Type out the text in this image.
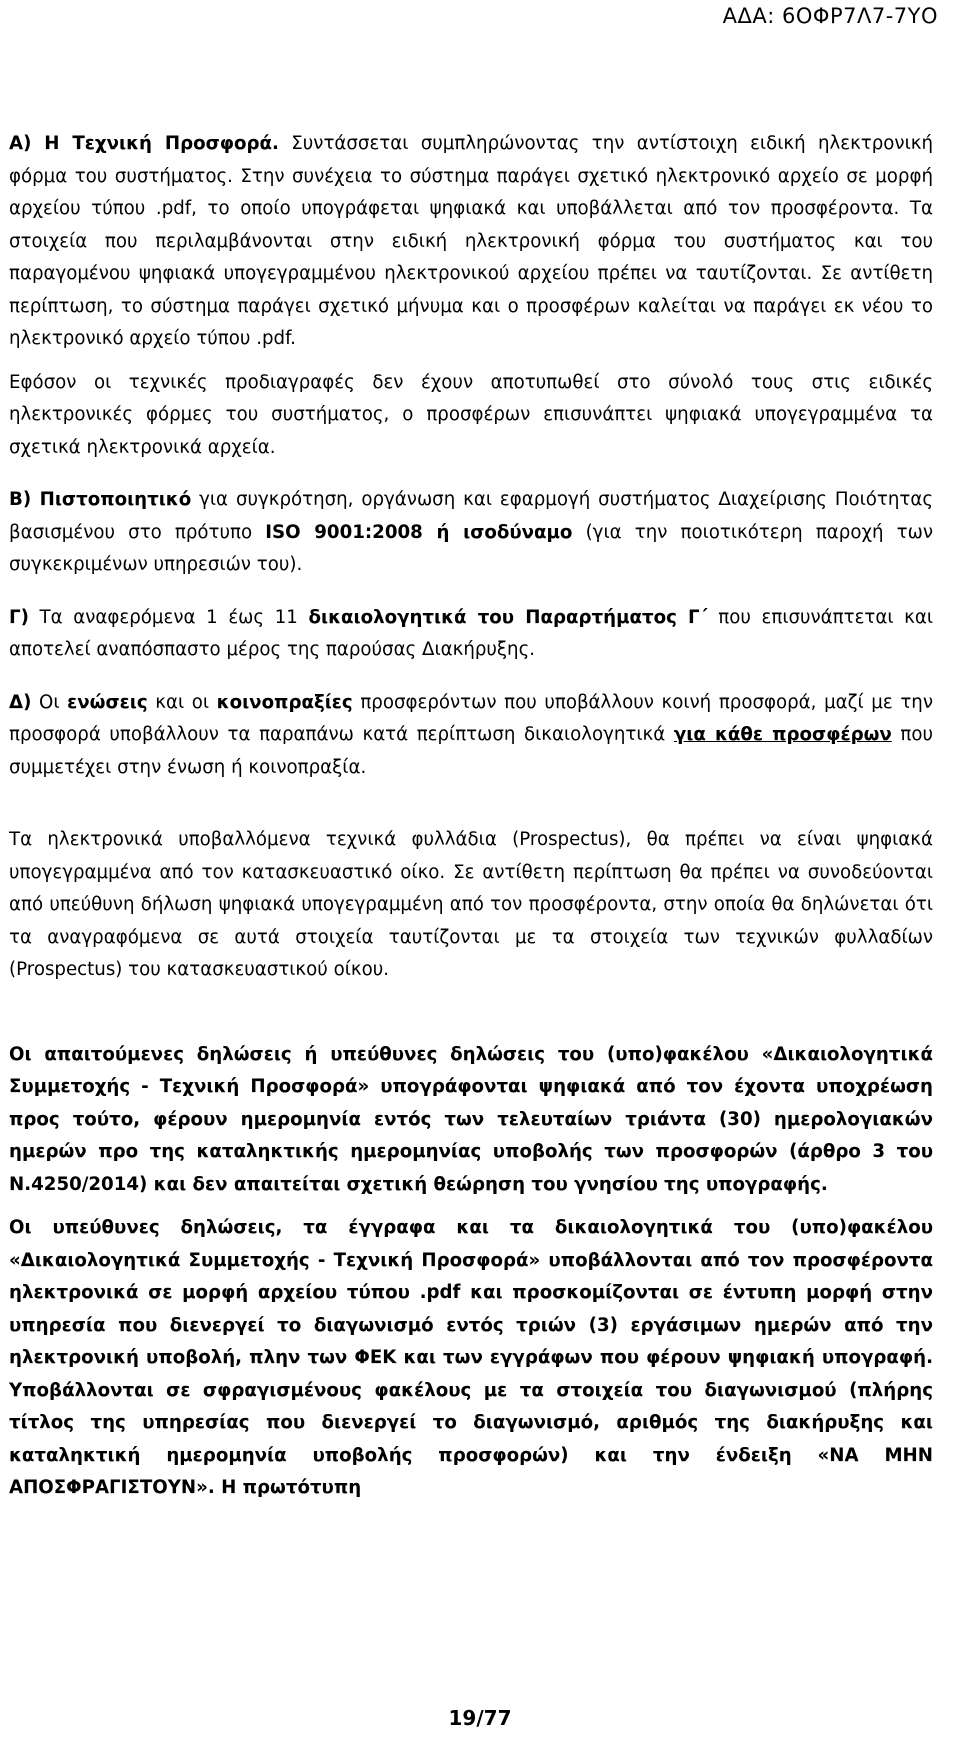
ΑΔΑ: 6ΟΦΡ7Λ7-7ΥΟ

Α) Η Τεχνική Προσφορά. Συντάσσεται συμπληρώνοντας την αντίστοιχη ειδική ηλεκτρονική φόρμα του συστήματος. Στην συνέχεια το σύστημα παράγει σχετικό ηλεκτρονικό αρχείο σε μορφή αρχείου τύπου .pdf, το οποίο υπογράφεται ψηφιακά και υποβάλλεται από τον προσφέροντα. Τα στοιχεία που περιλαμβάνονται στην ειδική ηλεκτρονική φόρμα του συστήματος και του παραγομένου ψηφιακά υπογεγραμμένου ηλεκτρονικού αρχείου πρέπει να ταυτίζονται. Σε αντίθετη περίπτωση, το σύστημα παράγει σχετικό μήνυμα και ο προσφέρων καλείται να παράγει εκ νέου το ηλεκτρονικό αρχείο τύπου .pdf.

Εφόσον οι τεχνικές προδιαγραφές δεν έχουν αποτυπωθεί στο σύνολό τους στις ειδικές ηλεκτρονικές φόρμες του συστήματος, ο προσφέρων επισυνάπτει ψηφιακά υπογεγραμμένα τα σχετικά ηλεκτρονικά αρχεία.

Β) Πιστοποιητικό για συγκρότηση, οργάνωση και εφαρμογή συστήματος Διαχείρισης Ποιότητας βασισμένου στο πρότυπο ISO 9001:2008 ή ισοδύναμο (για την ποιοτικότερη παροχή των συγκεκριμένων υπηρεσιών του).

Γ) Τα αναφερόμενα 1 έως 11 δικαιολογητικά του Παραρτήματος Γ΄ που επισυνάπτεται και αποτελεί αναπόσπαστο μέρος της παρούσας Διακήρυξης.

Δ) Οι ενώσεις και οι κοινοπραξίες προσφερόντων που υποβάλλουν κοινή προσφορά, μαζί με την προσφορά υποβάλλουν τα παραπάνω κατά περίπτωση δικαιολογητικά για κάθε προσφέρων που συμμετέχει στην ένωση ή κοινοπραξία.

Τα ηλεκτρονικά υποβαλλόμενα τεχνικά φυλλάδια (Prospectus), θα πρέπει να είναι ψηφιακά υπογεγραμμένα από τον κατασκευαστικό οίκο. Σε αντίθετη περίπτωση θα πρέπει να συνοδεύονται από υπεύθυνη δήλωση ψηφιακά υπογεγραμμένη από τον προσφέροντα, στην οποία θα δηλώνεται ότι τα αναγραφόμενα σε αυτά στοιχεία ταυτίζονται με τα στοιχεία των τεχνικών φυλλαδίων (Prospectus) του κατασκευαστικού οίκου.

Οι απαιτούμενες δηλώσεις ή υπεύθυνες δηλώσεις του (υπο)φακέλου «Δικαιολογητικά Συμμετοχής - Τεχνική Προσφορά» υπογράφονται ψηφιακά από τον έχοντα υποχρέωση προς τούτο, φέρουν ημερομηνία εντός των τελευταίων τριάντα (30) ημερολογιακών ημερών προ της καταληκτικής ημερομηνίας υποβολής των προσφορών (άρθρο 3 του Ν.4250/2014) και δεν απαιτείται σχετική θεώρηση του γνησίου της υπογραφής.

Οι υπεύθυνες δηλώσεις, τα έγγραφα και τα δικαιολογητικά του (υπο)φακέλου «Δικαιολογητικά Συμμετοχής - Τεχνική Προσφορά» υποβάλλονται από τον προσφέροντα ηλεκτρονικά σε μορφή αρχείου τύπου .pdf και προσκομίζονται σε έντυπη μορφή στην υπηρεσία που διενεργεί το διαγωνισμό εντός τριών (3) εργάσιμων ημερών από την ηλεκτρονική υποβολή, πλην των ΦΕΚ και των εγγράφων που φέρουν ψηφιακή υπογραφή. Υποβάλλονται σε σφραγισμένους φακέλους με τα στοιχεία του διαγωνισμού (πλήρης τίτλος της υπηρεσίας που διενεργεί το διαγωνισμό, αριθμός της διακήρυξης και καταληκτική ημερομηνία υποβολής προσφορών) και την ένδειξη «ΝΑ ΜΗΝ ΑΠΟΣΦΡΑΓΙΣΤΟΥΝ». Η πρωτότυπη

19/77
